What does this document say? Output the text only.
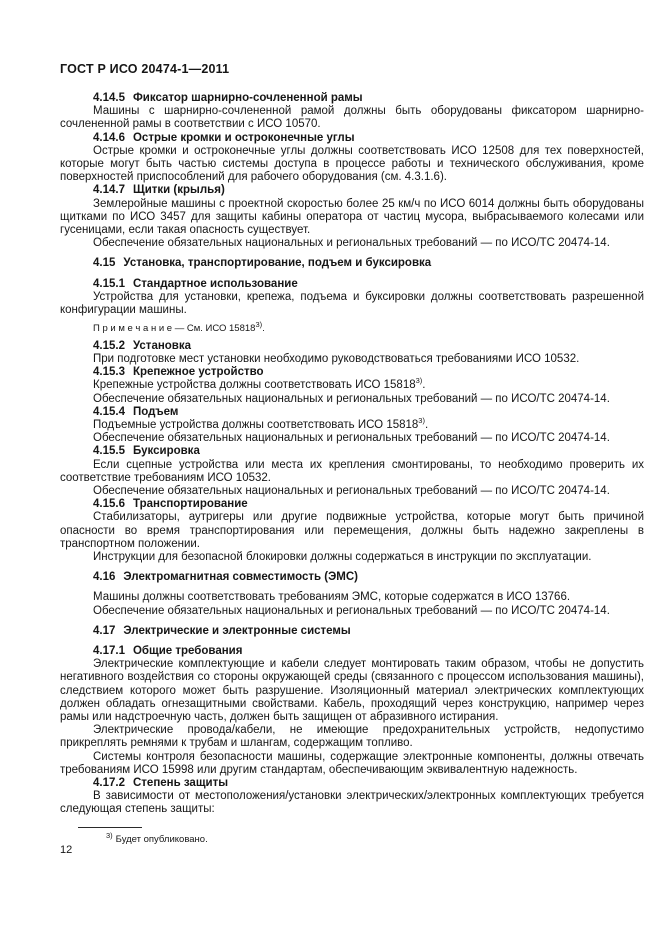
ГОСТ Р ИСО 20474-1—2011
4.14.5 Фиксатор шарнирно-сочлененной рамы

Машины с шарнирно-сочлененной рамой должны быть оборудованы фиксатором шарнирно-сочлененной рамы в соответствии с ИСО 10570.

4.14.6 Острые кромки и остроконечные углы

Острые кромки и остроконечные углы должны соответствовать ИСО 12508 для тех поверхностей, которые могут быть частью системы доступа в процессе работы и технического обслуживания, кроме поверхностей приспособлений для рабочего оборудования (см. 4.3.1.6).

4.14.7 Щитки (крылья)

Землеройные машины с проектной скоростью более 25 км/ч по ИСО 6014 должны быть оборудованы щитками по ИСО 3457 для защиты кабины оператора от частиц мусора, выбрасываемого колесами или гусеницами, если такая опасность существует.

Обеспечение обязательных национальных и региональных требований — по ИСО/ТС 20474-14.

4.15 Установка, транспортирование, подъем и буксировка
4.15.1 Стандартное использование

Устройства для установки, крепежа, подъема и буксировки должны соответствовать разрешенной конфигурации машины.

П р и м е ч а н и е — См. ИСО 15818$^{3)}$.

4.15.2 Установка

При подготовке мест установки необходимо руководствоваться требованиями ИСО 10532.

4.15.3 Крепежное устройство

Крепежные устройства должны соответствовать ИСО 15818$^{3)}$.

Обеспечение обязательных национальных и региональных требований — по ИСО/ТС 20474-14.

4.15.4 Подъем

Подъемные устройства должны соответствовать ИСО 15818$^{3)}$.

Обеспечение обязательных национальных и региональных требований — по ИСО/ТС 20474-14.

4.15.5 Буксировка

Если сцепные устройства или места их крепления смонтированы, то необходимо проверить их соответствие требованиям ИСО 10532.

Обеспечение обязательных национальных и региональных требований — по ИСО/ТС 20474-14.

4.15.6 Транспортирование

Стабилизаторы, аутригеры или другие подвижные устройства, которые могут быть причиной опасности во время транспортирования или перемещения, должны быть надежно закреплены в транспортном положении.

Инструкции для безопасной блокировки должны содержаться в инструкции по эксплуатации.

4.16 Электромагнитная совместимость (ЭМС)

Машины должны соответствовать требованиям ЭМС, которые содержатся в ИСО 13766.

Обеспечение обязательных национальных и региональных требований — по ИСО/ТС 20474-14.

4.17 Электрические и электронные системы
4.17.1 Общие требования

Электрические комплектующие и кабели следует монтировать таким образом, чтобы не допустить негативного воздействия со стороны окружающей среды (связанного с процессом использования машины), следствием которого может быть разрушение. Изоляционный материал электрических комплектующих должен обладать огнезащитными свойствами. Кабель, проходящий через конструкцию, например через рамы или надстроечную часть, должен быть защищен от абразивного истирания.

Электрические провода/кабели, не имеющие предохранительных устройств, недопустимо прикреплять ремнями к трубам и шлангам, содержащим топливо.

Системы контроля безопасности машины, содержащие электронные компоненты, должны отвечать требованиям ИСО 15998 или другим стандартам, обеспечивающим эквивалентную надежность.

4.17.2 Степень защиты

В зависимости от местоположения/установки электрических/электронных комплектующих требуется следующая степень защиты:

$^{3)}$ Будет опубликовано.

12
